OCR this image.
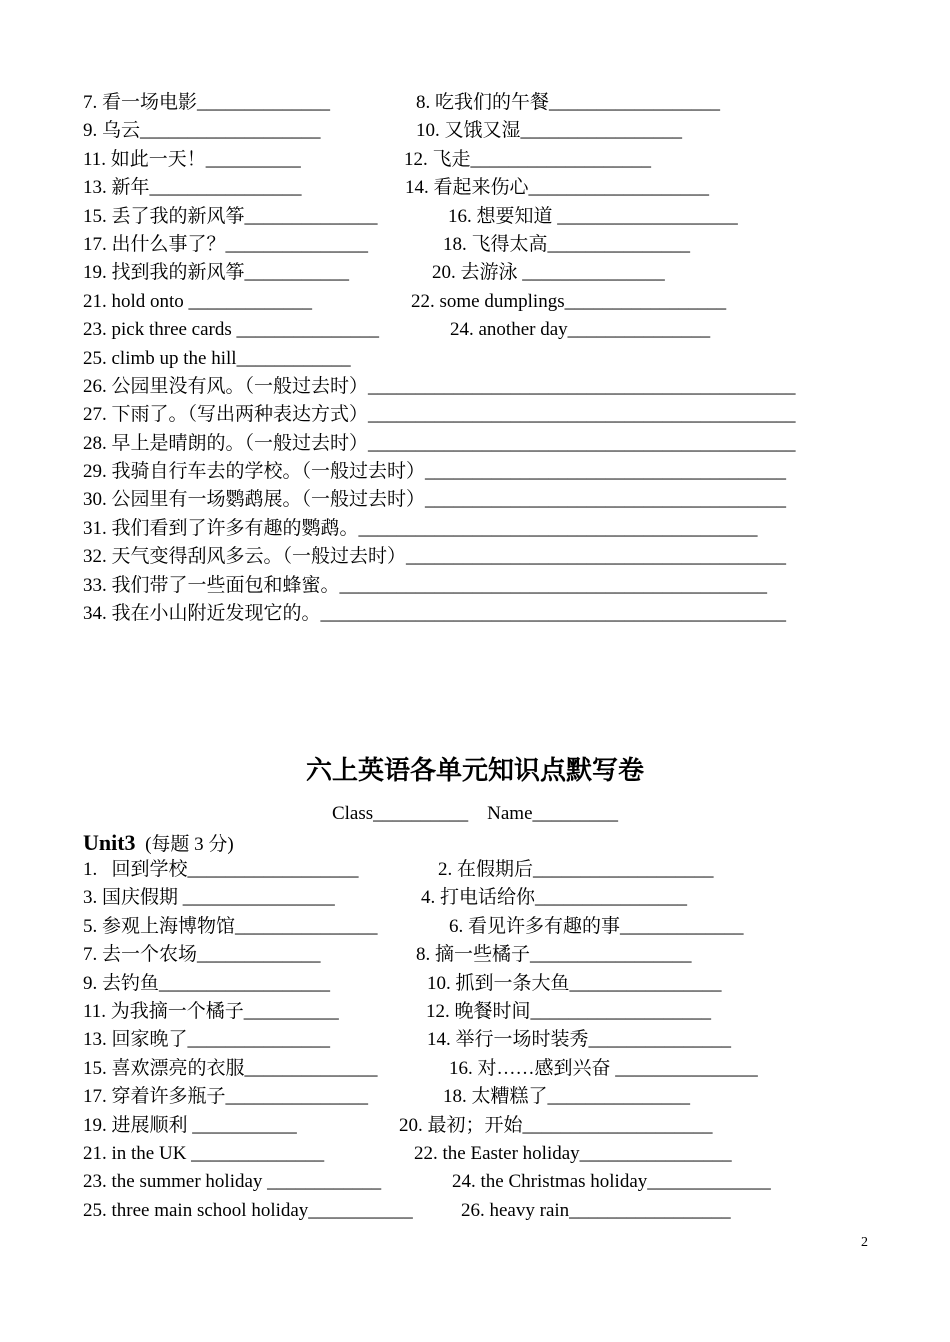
7. 看一场电影______________	8. 吃我们的午餐__________________
9. 乌云___________________	10. 又饿又湿_________________
11. 如此一天！__________	12. 飞走___________________
13. 新年________________	14. 看起来伤心___________________
15. 丢了我的新风筝______________	16. 想要知道 ___________________
17. 出什么事了？_______________	18. 飞得太高_______________
19. 找到我的新风筝___________	20. 去游泳 _______________
21. hold onto _____________	22. some dumplings_________________
23. pick three cards _______________	24. another day_______________
25. climb up the hill____________
26. 公园里没有风。（一般过去时）_____________________________________________
27. 下雨了。（写出两种表达方式）_____________________________________________
28. 早上是晴朗的。（一般过去时）_____________________________________________
29. 我骑自行车去的学校。（一般过去时）______________________________________
30. 公园里有一场鹦鹉展。（一般过去时）______________________________________
31. 我们看到了许多有趣的鹦鹉。__________________________________________
32. 天气变得刮风多云。（一般过去时）________________________________________
33. 我们带了一些面包和蜂蜜。_____________________________________________
34. 我在小山附近发现它的。_________________________________________________
六上英语各单元知识点默写卷
Class__________    Name_________
Unit3  (每题 3 分)
1.   回到学校__________________	2. 在假期后___________________
3. 国庆假期 ________________	4. 打电话给你________________
5. 参观上海博物馆_______________	6. 看见许多有趣的事_____________
7. 去一个农场_____________	8. 摘一些橘子_________________
9. 去钓鱼__________________	10. 抓到一条大鱼________________
11. 为我摘一个橘子__________	12. 晚餐时间___________________
13. 回家晚了_______________	14. 举行一场时装秀_______________
15. 喜欢漂亮的衣服______________	16. 对……感到兴奋 _______________
17. 穿着许多瓶子_______________	18. 太糟糕了_______________
19. 进展顺利 ___________	20. 最初；开始____________________
21. in the UK ______________	22. the Easter holiday________________
23. the summer holiday ____________	24. the Christmas holiday_____________
25. three main school holiday___________	26. heavy rain_________________
2
